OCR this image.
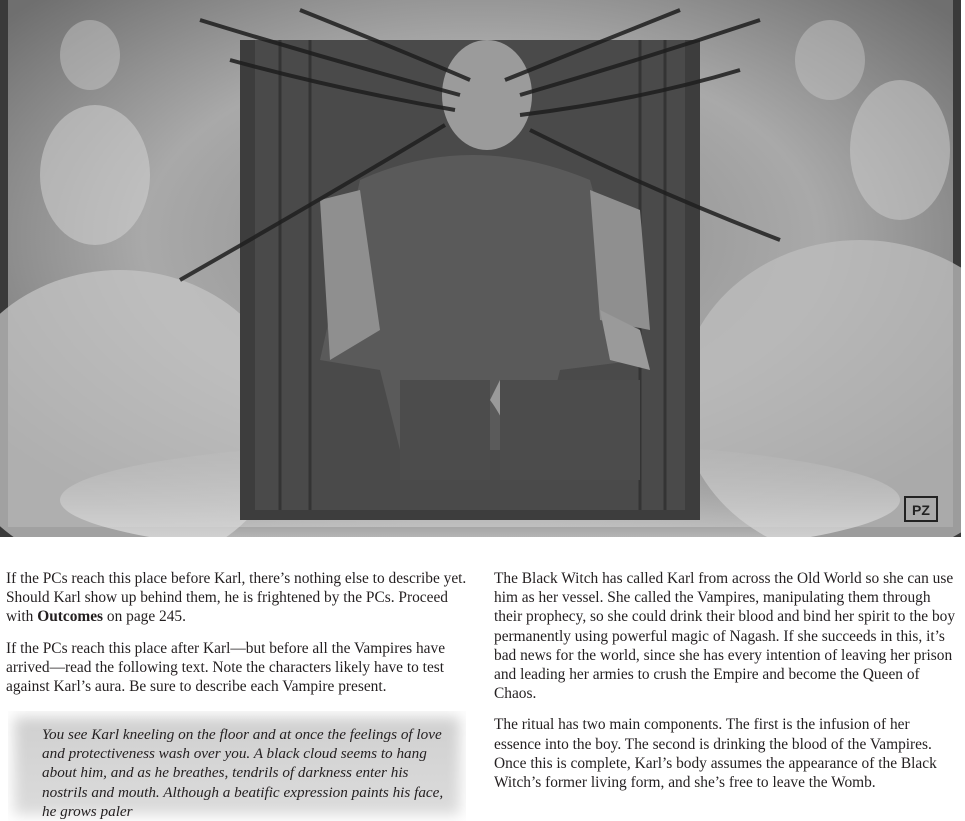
PZ

If the PCs reach this place before Karl, there’s nothing else to describe yet. Should Karl show up behind them, he is frightened by the PCs. Proceed with Outcomes on page 245.

If the PCs reach this place after Karl—but before all the Vampires have arrived—read the following text. Note the characters likely have to test against Karl’s aura. Be sure to describe each Vampire present.

You see Karl kneeling on the floor and at once the feelings of love and protectiveness wash over you. A black cloud seems to hang about him, and as he breathes, tendrils of darkness enter his nostrils and mouth. Although a beatific expression paints his face, he grows paler

The Black Witch has called Karl from across the Old World so she can use him as her vessel. She called the Vampires, manipulating them through their prophecy, so she could drink their blood and bind her spirit to the boy permanently using powerful magic of Nagash. If she succeeds in this, it’s bad news for the world, since she has every intention of leaving her prison and leading her armies to crush the Empire and become the Queen of Chaos.

The ritual has two main components. The first is the infusion of her essence into the boy. The second is drinking the blood of the Vampires. Once this is complete, Karl’s body assumes the appearance of the Black Witch’s former living form, and she’s free to leave the Womb.
